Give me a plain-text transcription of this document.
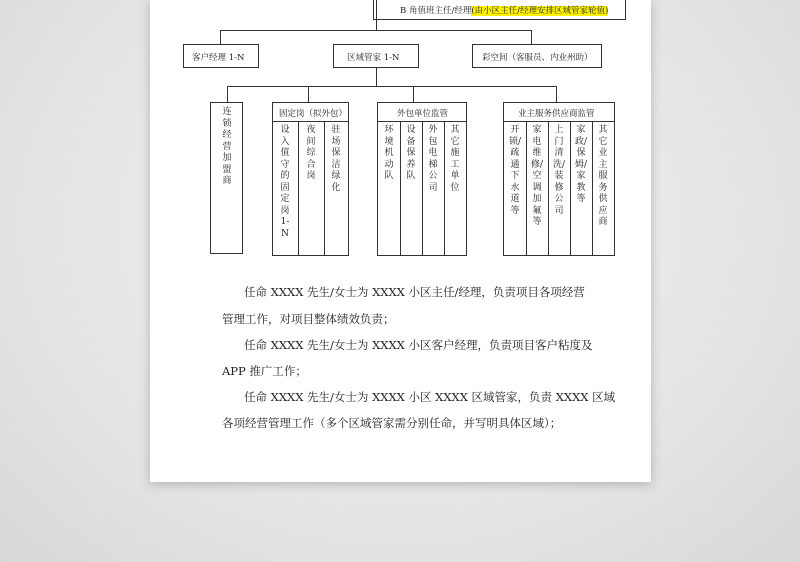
B 角值班主任/经理(由小区主任/经理安排区域管家轮值)
客户经理 1-N	区域管家 1-N	彩空间（客服员、内业州助）
连锁经营加盟商
固定岗（拟外包）
设入值守的固定岗1-N
夜间综合岗
驻场保洁绿化
外包单位监管
环境机动队
设备保养队
外包电梯公司
其它施工单位
业主服务供应商监管
开锁/疏通下水道等
家电维修/空调加氟等
上门清洗/装修公司
家政/保姆/家教等
其它业主服务供应商
任命 XXXX 先生/女士为 XXXX 小区主任/经理，负责项目各项经营
管理工作，对项目整体绩效负责；
任命 XXXX 先生/女士为 XXXX 小区客户经理，负责项目客户粘度及
APP 推广工作；
任命 XXXX 先生/女士为 XXXX 小区 XXXX 区域管家，负责 XXXX 区域
各项经营管理工作（多个区域管家需分别任命，并写明具体区域）；
